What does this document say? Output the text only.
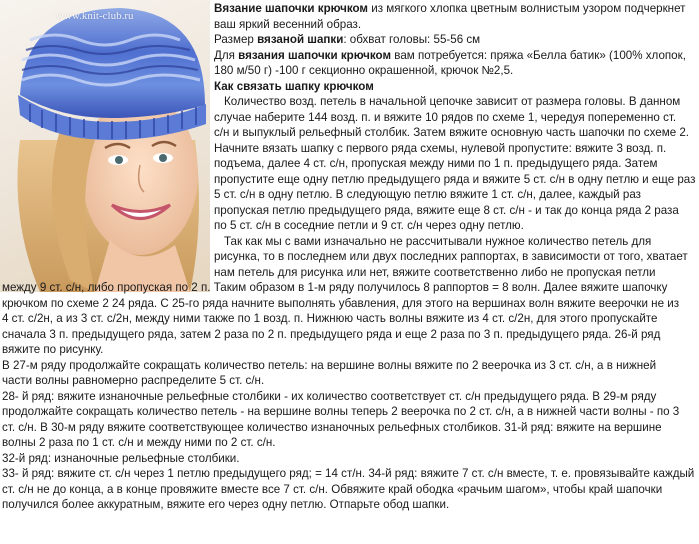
www.knit-club.ru
Вязание шапочки крючком из мягкого хлопка цветным волнистым узором подчеркнет
ваш яркий весенний образ.
Размер вязаной шапки: обхват головы: 55-56 см
Для вязания шапочки крючком вам потребуется: пряжа «Белла батик» (100% хлопок,
180 м/50 г) -100 г секционно окрашенной, крючок №2,5.
Как связать шапку крючком
Количество возд. петель в начальной цепочке зависит от размера головы. В данном
случае наберите 144 возд. п. и вяжите 10 рядов по схеме 1, чередуя попеременно ст.
с/н и выпуклый рельефный столбик. Затем вяжите основную часть шапочки по схеме 2.
Начните вязать шапку с первого ряда схемы, нулевой пропустите: вяжите 3 возд. п.
подъема, далее 4 ст. с/н, пропуская между ними по 1 п. предыдущего ряда. Затем
пропустите еще одну петлю предыдущего ряда и вяжите 5 ст. с/н в одну петлю и еще раз
5 ст. с/н в одну петлю. В следующую петлю вяжите 1 ст. с/н, далее, каждый раз
пропуская петлю предыдущего ряда, вяжите еще 8 ст. с/н - и так до конца ряда 2 раза
по 5 ст. с/н в соседние петли и 9 ст. с/н через одну петлю.
Так как мы с вами изначально не рассчитывали нужное количество петель для
рисунка, то в последнем или двух последних раппортах, в зависимости от того, хватает
нам петель для рисунка или нет, вяжите соответственно либо не пропуская петли
между 9 ст. с/н, либо пропуская по 2 п. Таким образом в 1-м ряду получилось 8 раппортов = 8 волн. Далее вяжите шапочку
крючком по схеме 2 24 ряда. С 25-го ряда начните выполнять убавления, для этого на вершинах волн вяжите веерочки не из
4 ст. с/2н, а из 3 ст. с/2н, между ними также по 1 возд. п. Нижнюю часть волны вяжите из 4 ст. с/2н, для этого пропускайте
сначала 3 п. предыдущего ряда, затем 2 раза по 2 п. предыдущего ряда и еще 2 раза по 3 п. предыдущего ряда. 26-й ряд
вяжите по рисунку.
В 27-м ряду продолжайте сокращать количество петель: на вершине волны вяжите по 2 веерочка из 3 ст. с/н, а в нижней
части волны равномерно распределите 5 ст. с/н.
28- й ряд: вяжите изнаночные рельефные столбики - их количество соответствует ст. с/н предыдущего ряда. В 29-м ряду
продолжайте сокращать количество петель - на вершине волны теперь 2 веерочка по 2 ст. с/н, а в нижней части волны - по 3
ст. с/н. В 30-м ряду вяжите соответствующее количество изнаночных рельефных столбиков. 31-й ряд: вяжите на вершине
волны 2 раза по 1 ст. с/н и между ними по 2 ст. с/н.
32-й ряд: изнаночные рельефные столбики.
33- й ряд: вяжите ст. с/н через 1 петлю предыдущего ряд; = 14 ст/н. 34-й ряд: вяжите 7 ст. с/н вместе, т. е. провязывайте каждый
ст. с/н не до конца, а в конце провяжите вместе все 7 ст. с/н. Обвяжите край ободка «рачьим шагом», чтобы край шапочки
получился более аккуратным, вяжите его через одну петлю. Отпарьте обод шапки.
